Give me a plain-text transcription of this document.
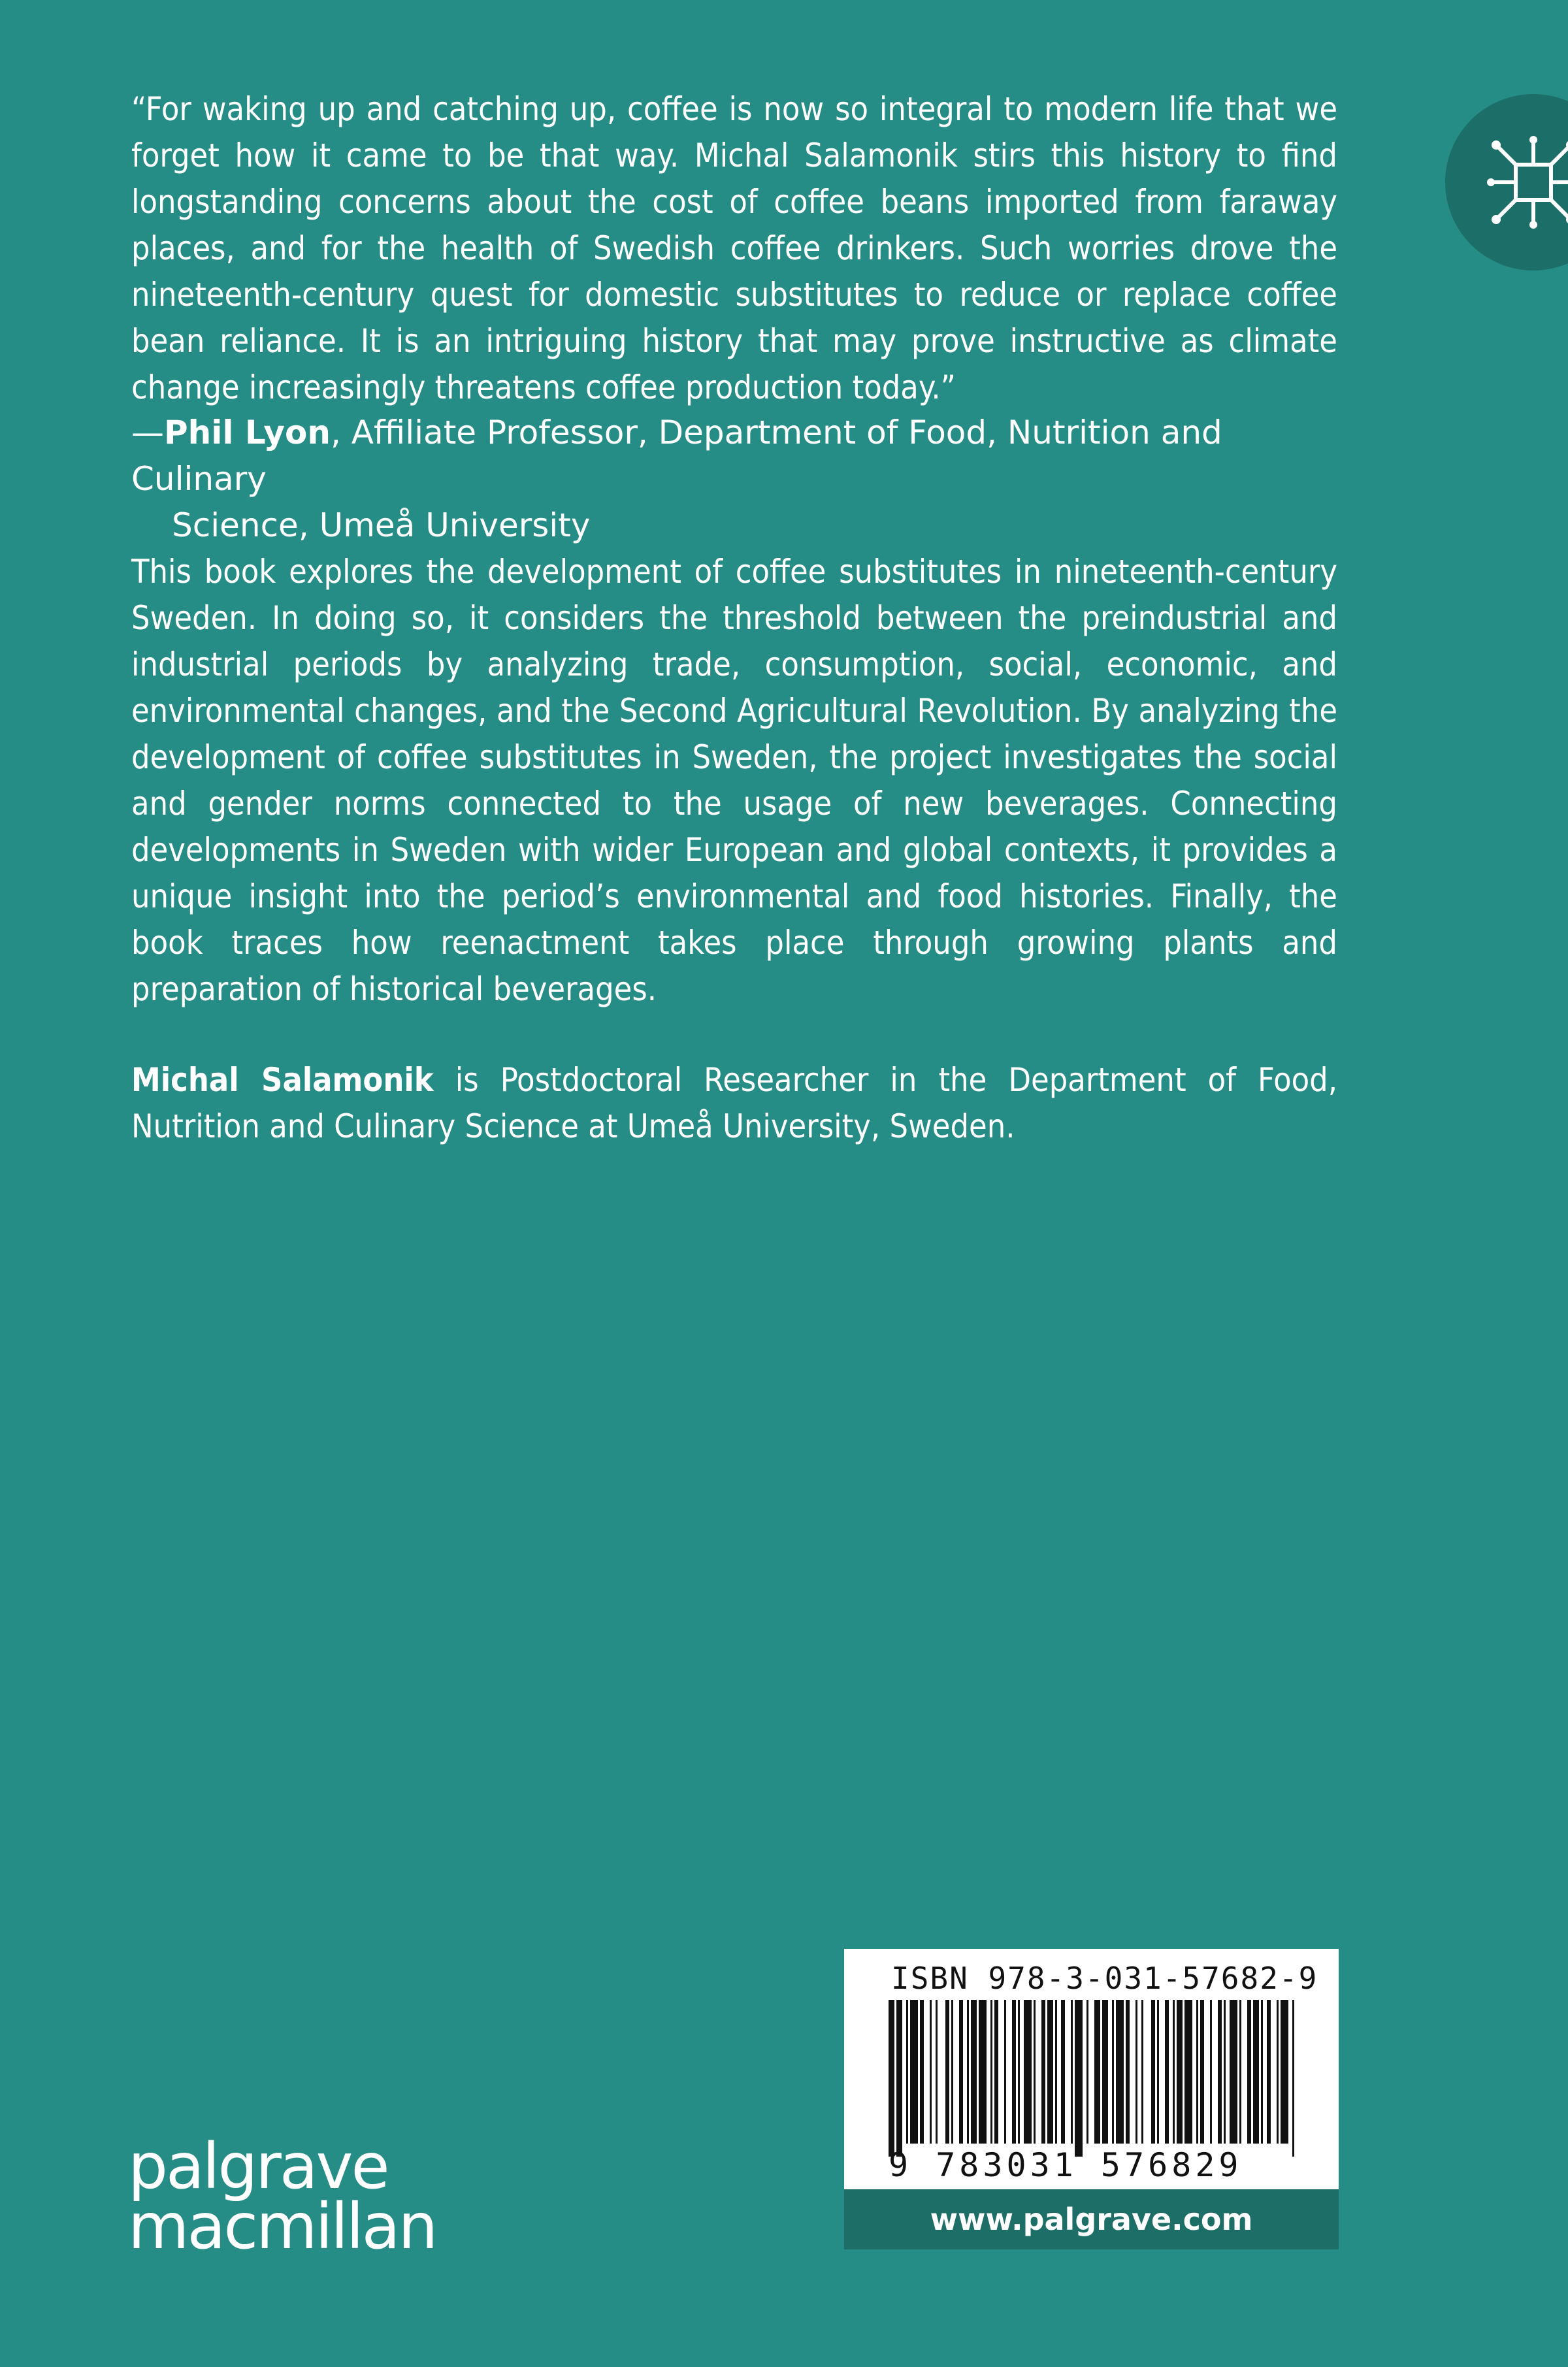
“For waking up and catching up, coffee is now so integral to modern life that we forget how it came to be that way. Michal Salamonik stirs this history to find longstanding concerns about the cost of coffee beans imported from faraway places, and for the health of Swedish coffee drinkers. Such worries drove the nineteenth-century quest for domestic substitutes to reduce or replace coffee bean reliance. It is an intriguing history that may prove instructive as climate change increasingly threatens coffee production today.”

—Phil Lyon, Affiliate Professor, Department of Food, Nutrition and Culinary
Science, Umeå University

This book explores the development of coffee substitutes in nineteenth-century Sweden. In doing so, it considers the threshold between the preindustrial and industrial periods by analyzing trade, consumption, social, economic, and environmental changes, and the Second Agricultural Revolution. By analyzing the development of coffee substitutes in Sweden, the project investigates the social and gender norms connected to the usage of new beverages. Connecting developments in Sweden with wider European and global contexts, it provides a unique insight into the period’s environmental and food histories. Finally, the book traces how reenactment takes place through growing plants and preparation of historical beverages.

Michal Salamonik is Postdoctoral Researcher in the Department of Food, Nutrition and Culinary Science at Umeå University, Sweden.

palgrave
macmillan
ISBN 978-3-031-57682-9
9 783031 576829
www.palgrave.com
